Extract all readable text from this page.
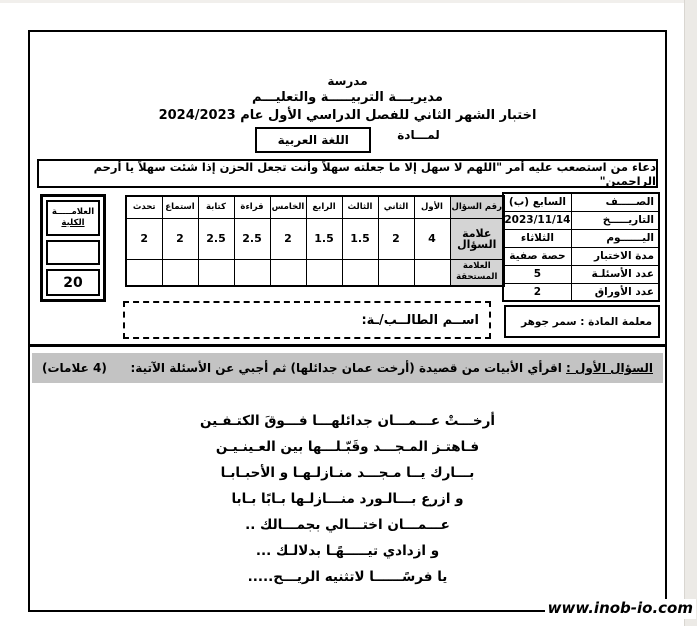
مدرسة
مديريـــة التربيـــــة والتعليـــم
اختبار الشهر الثاني للفصل الدراسي الأول عام 2024/2023
لمـــادة
اللغة العربية
دعاء من استصعب عليه أمر "اللهم لا سهل إلا ما جعلته سهلاً وأنت تجعل الحزن إذا شئت سهلاً يا أرحم الراحمين"
العلامـــــة
الكلية
20
رقم السؤال	الأول	الثاني	الثالث	الرابع	الخامس	قراءة	كتابة	استماع	تحدث
علامة السؤال	4	2	1.5	1.5	2	2.5	2.5	2	2
العلامة المستحقة									
الصـــــف	السابع (ب)
التاريـــــخ	2023/11/14
اليــــــوم	الثلاثاء
مدة الاختبار	حصة صفية
عدد الأسئلـة	5
عدد الأوراق	2
معلمة المادة : سمر جوهر
اســم الطالــب/ـة:
السؤال الأول : اقرأي الأبيات من قصيدة (أرخت عمان جدائلها) ثم أجبي عن الأسئلة الآتية:
(4 علامات)
أرخـــتْ عـــمـــان جدائلهـــا فـــوقَ الكتـفـين
فـاهتـز المـجـــد وقَبّـلـــها بين العـينـيـن
بـــارك يــا مـجـــد منـازلـهـا و الأحبـابـا
و ازرع بـــالـورد منـــازلـها بـابًا بـابا
عـــمـــان اختـــالي بجمـــالك ..
و ازدادي تيـــــهًـا بدلالـك ...
يا فرسًــــــا لاتثنيه الريـــح.....
www.inob-io.com
